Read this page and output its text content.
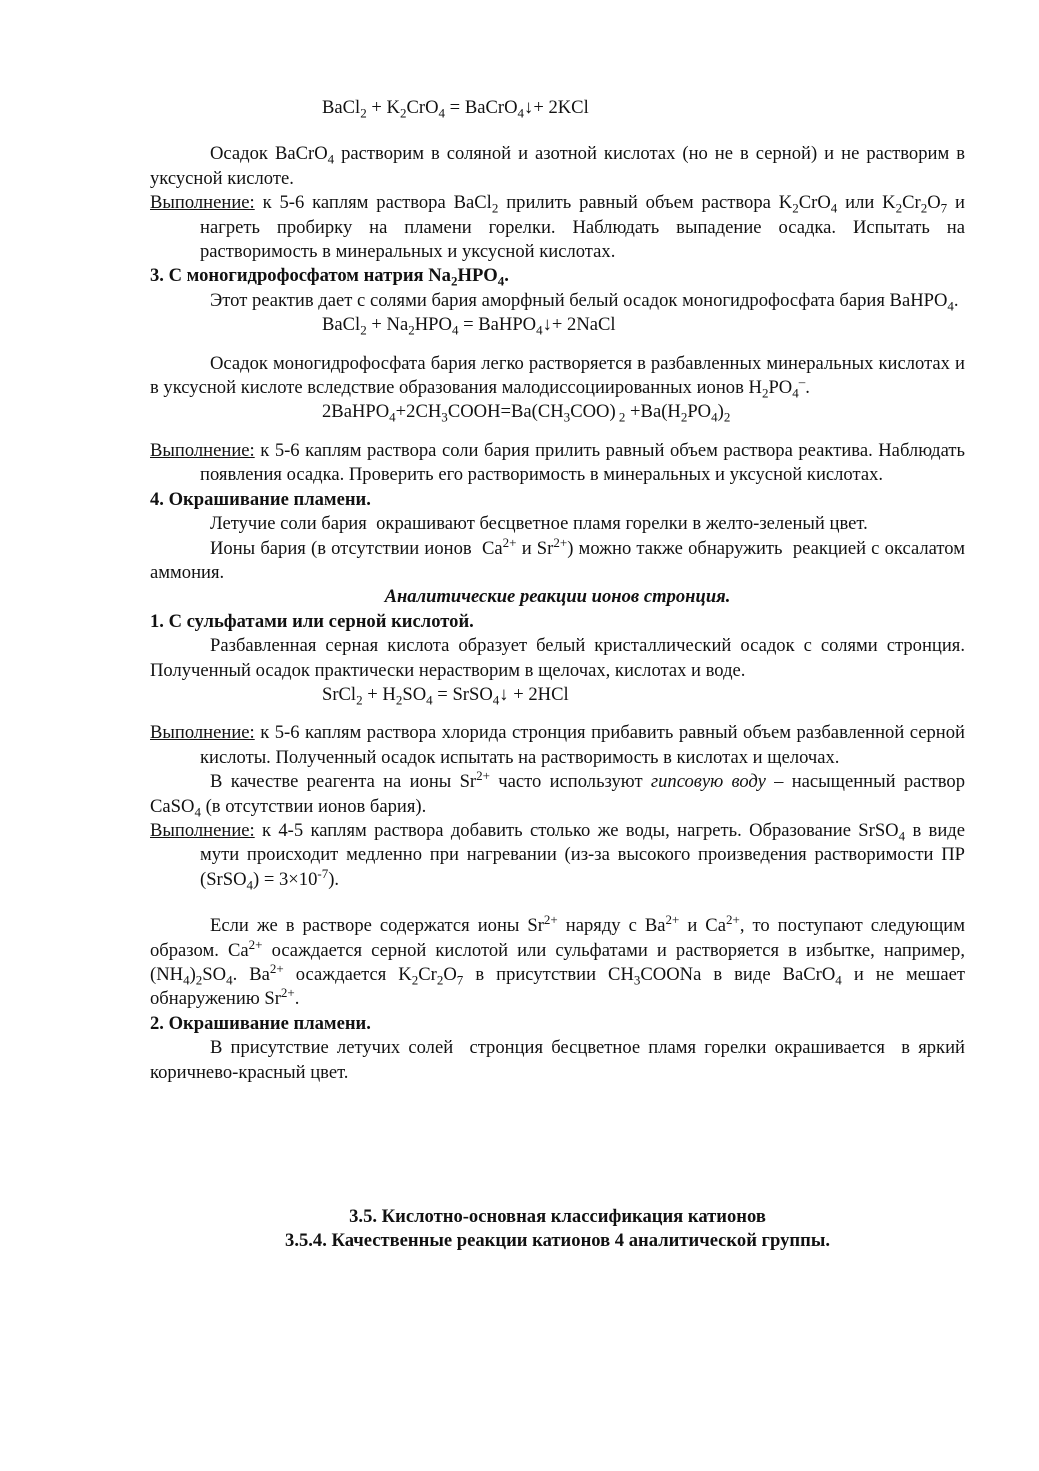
BaCl$_2$ + $K_2CrO_4$ = BaCrO$_4$↓+ 2KCl
Осадок BaCrO$_4$ растворим в соляной и азотной кислотах (но не в серной) и не растворим в уксусной кислоте.
Выполнение: к 5-6 каплям раствора BaCl$_2$ прилить равный объем раствора $K_2CrO_4$ или $K_2Cr_2O_7$ и нагреть пробирку на пламени горелки. Наблюдать выпадение осадка. Испытать на растворимость в минеральных и уксусной кислотах.
3. С моногидрофосфатом натрия $Na_2HPO_4$.
Этот реактив дает с солями бария аморфный белый осадок моногидрофосфата бария BaHPO$_4$.
BaCl$_2$ + $Na_2HPO_4$ = BaHPO$_4$↓+ 2NaCl
Осадок моногидрофосфата бария легко растворяется в разбавленных минеральных кислотах и в уксусной кислоте вследствие образования малодиссоциированных ионов $H_2PO_4^-$.
$2BaHPO_4+2CH_3COOH=Ba(CH_3COO)$ $_2 +Ba(H_2PO_4)_2$
Выполнение: к 5-6 каплям раствора соли бария прилить равный объем раствора реактива. Наблюдать появления осадка. Проверить его растворимость в минеральных и уксусной кислотах.
4. Окрашивание пламени.
Летучие соли бария  окрашивают бесцветное пламя горелки в желто-зеленый цвет.
Ионы бария (в отсутствии ионов  $Ca^{2+}$ и $Sr^{2+}$) можно также обнаружить  реакцией с оксалатом аммония.
Аналитические реакции ионов стронция.
1. С сульфатами или серной кислотой.
Разбавленная серная кислота образует белый кристаллический осадок с солями стронция. Полученный осадок практически нерастворим в щелочах, кислотах и воде.
SrCl$_2$ + $H_2SO_4$ = SrSO$_4$↓ + 2HCl
Выполнение: к 5-6 каплям раствора хлорида стронция прибавить равный объем разбавленной серной кислоты. Полученный осадок испытать на растворимость в кислотах и щелочах.
В качестве реагента на ионы $Sr^{2+}$ часто используют гипсовую воду – насыщенный раствор CaSO$_4$ (в отсутствии ионов бария).
Выполнение: к 4-5 каплям раствора добавить столько же воды, нагреть. Образование SrSO$_4$ в виде мути происходит медленно при нагревании (из-за высокого произведения растворимости ПР (SrSO$_4$) = $3\times 10^{-7}$).
Если же в растворе содержатся ионы $Sr^{2+}$ наряду с $Ba^{2+}$ и $Ca^{2+}$, то поступают следующим образом. $Ca^{2+}$ осаждается серной кислотой или сульфатами и растворяется в избытке, например, $(NH_4)_2SO_4$. $Ba^{2+}$ осаждается $K_2Cr_2O_7$ в присутствии $CH_3COONa$ в виде BaCrO$_4$ и не мешает обнаружению $Sr^{2+}$.
2. Окрашивание пламени.
В присутствие летучих солей  стронция бесцветное пламя горелки окрашивается  в яркий коричнево-красный цвет.
3.5. Кислотно-основная классификация катионов
3.5.4. Качественные реакции катионов 4 аналитической группы.
